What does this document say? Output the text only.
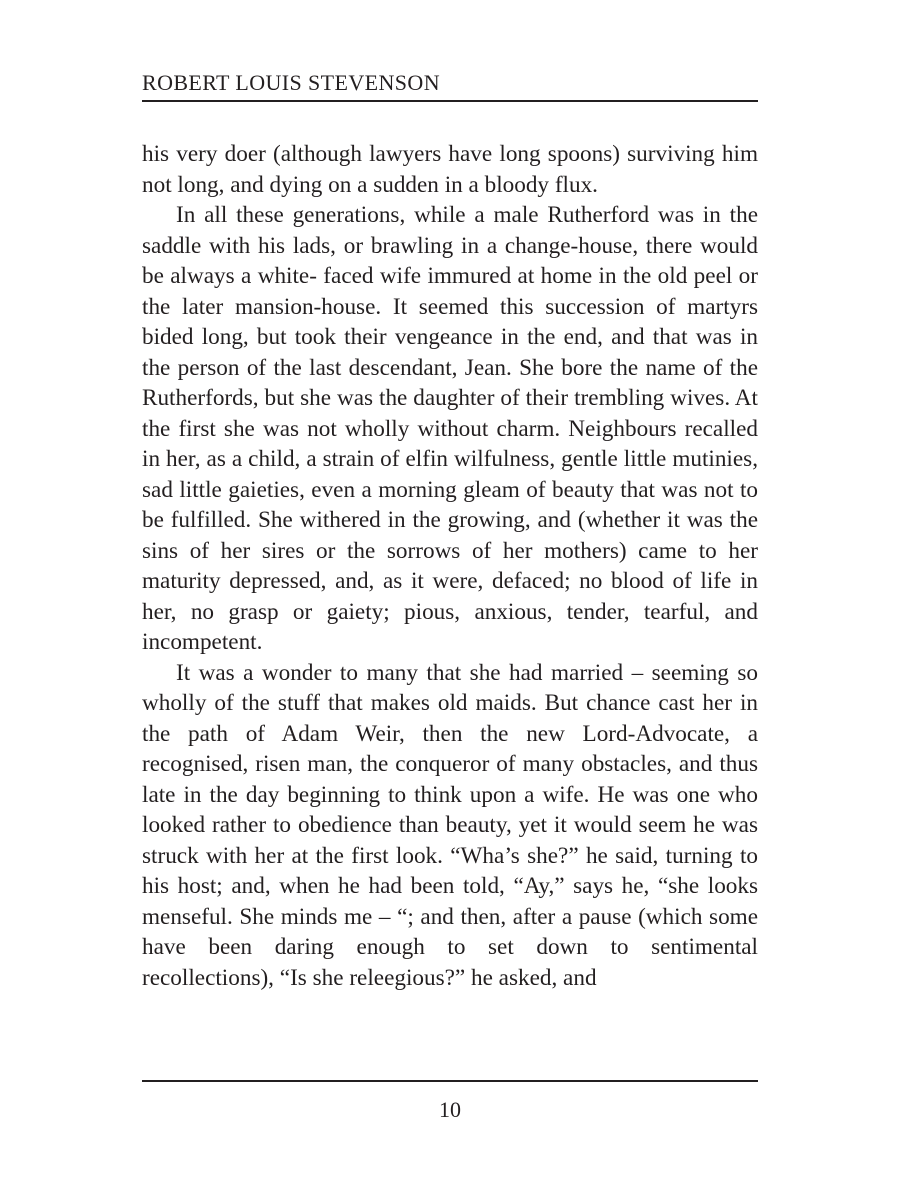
ROBERT LOUIS STEVENSON

his very doer (although lawyers have long spoons) surviving him not long, and dying on a sudden in a bloody flux.

In all these generations, while a male Rutherford was in the saddle with his lads, or brawling in a change-house, there would be always a white- faced wife immured at home in the old peel or the later mansion-house. It seemed this succession of martyrs bided long, but took their vengeance in the end, and that was in the person of the last descendant, Jean. She bore the name of the Rutherfords, but she was the daughter of their trembling wives. At the first she was not wholly without charm. Neighbours recalled in her, as a child, a strain of elfin wilfulness, gentle little mutinies, sad little gaieties, even a morning gleam of beauty that was not to be fulfilled. She withered in the growing, and (whether it was the sins of her sires or the sorrows of her mothers) came to her maturity depressed, and, as it were, defaced; no blood of life in her, no grasp or gaiety; pious, anxious, tender, tearful, and incompetent.

It was a wonder to many that she had married – seeming so wholly of the stuff that makes old maids. But chance cast her in the path of Adam Weir, then the new Lord-Advocate, a recognised, risen man, the conqueror of many obstacles, and thus late in the day beginning to think upon a wife. He was one who looked rather to obedience than beauty, yet it would seem he was struck with her at the first look. “Wha’s she?” he said, turning to his host; and, when he had been told, “Ay,” says he, “she looks menseful. She minds me – “; and then, after a pause (which some have been daring enough to set down to sentimental recollections), “Is she releegious?” he asked, and

10
